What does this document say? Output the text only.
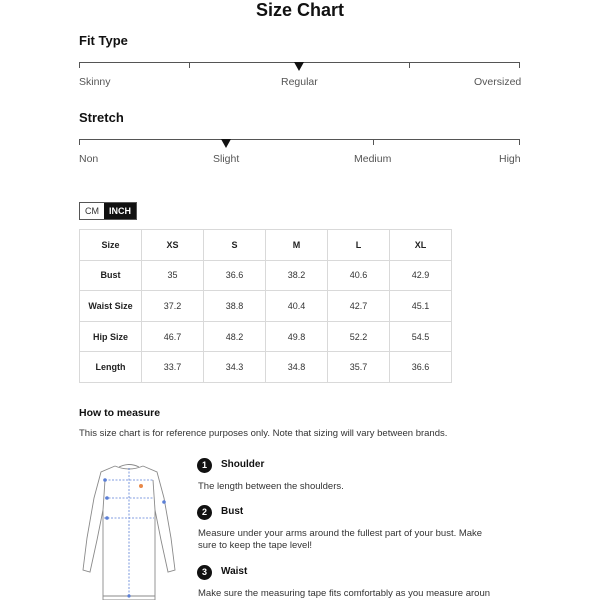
Size Chart
Fit Type
Skinny	Regular	Oversized
Stretch
Non	Slight	Medium	High
CM	INCH
Size	XS	S	M	L	XL
Bust	35	36.6	38.2	40.6	42.9
Waist Size	37.2	38.8	40.4	42.7	45.1
Hip Size	46.7	48.2	49.8	52.2	54.5
Length	33.7	34.3	34.8	35.7	36.6
How to measure
This size chart is for reference purposes only. Note that sizing will vary between brands.
1	Shoulder
The length between the shoulders.
2	Bust
Measure under your arms around the fullest part of your bust. Make sure to keep the tape level!
3	Waist
Make sure the measuring tape fits comfortably as you measure aroun
